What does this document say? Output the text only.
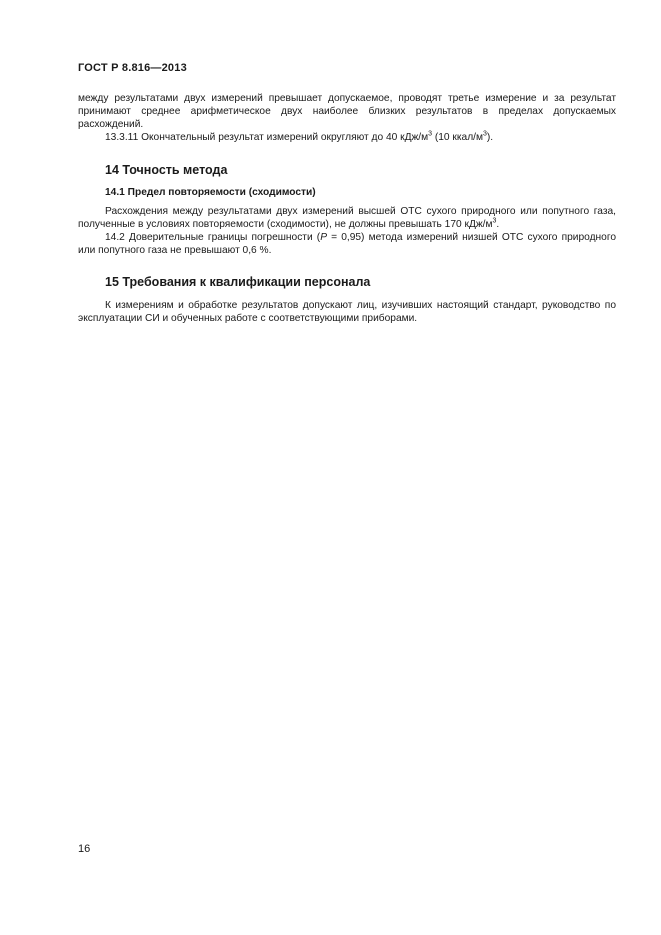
ГОСТ Р 8.816—2013

между результатами двух измерений превышает допускаемое, проводят третье измерение и за результат принимают среднее арифметическое двух наиболее близких результатов в пределах допускаемых расхождений.

13.3.11 Окончательный результат измерений округляют до 40 кДж/$м^3$ (10 ккал/$м^3$).

14 Точность метода
14.1 Предел повторяемости (сходимости)

Расхождения между результатами двух измерений высшей ОТС сухого природного или попутного газа, полученные в условиях повторяемости (сходимости), не должны превышать 170 кДж/$м^3$.

14.2 Доверительные границы погрешности (P = 0,95) метода измерений низшей ОТС сухого природного или попутного газа не превышают 0,6 %.

15 Требования к квалификации персонала

К измерениям и обработке результатов допускают лиц, изучивших настоящий стандарт, руководство по эксплуатации СИ и обученных работе с соответствующими приборами.

16
